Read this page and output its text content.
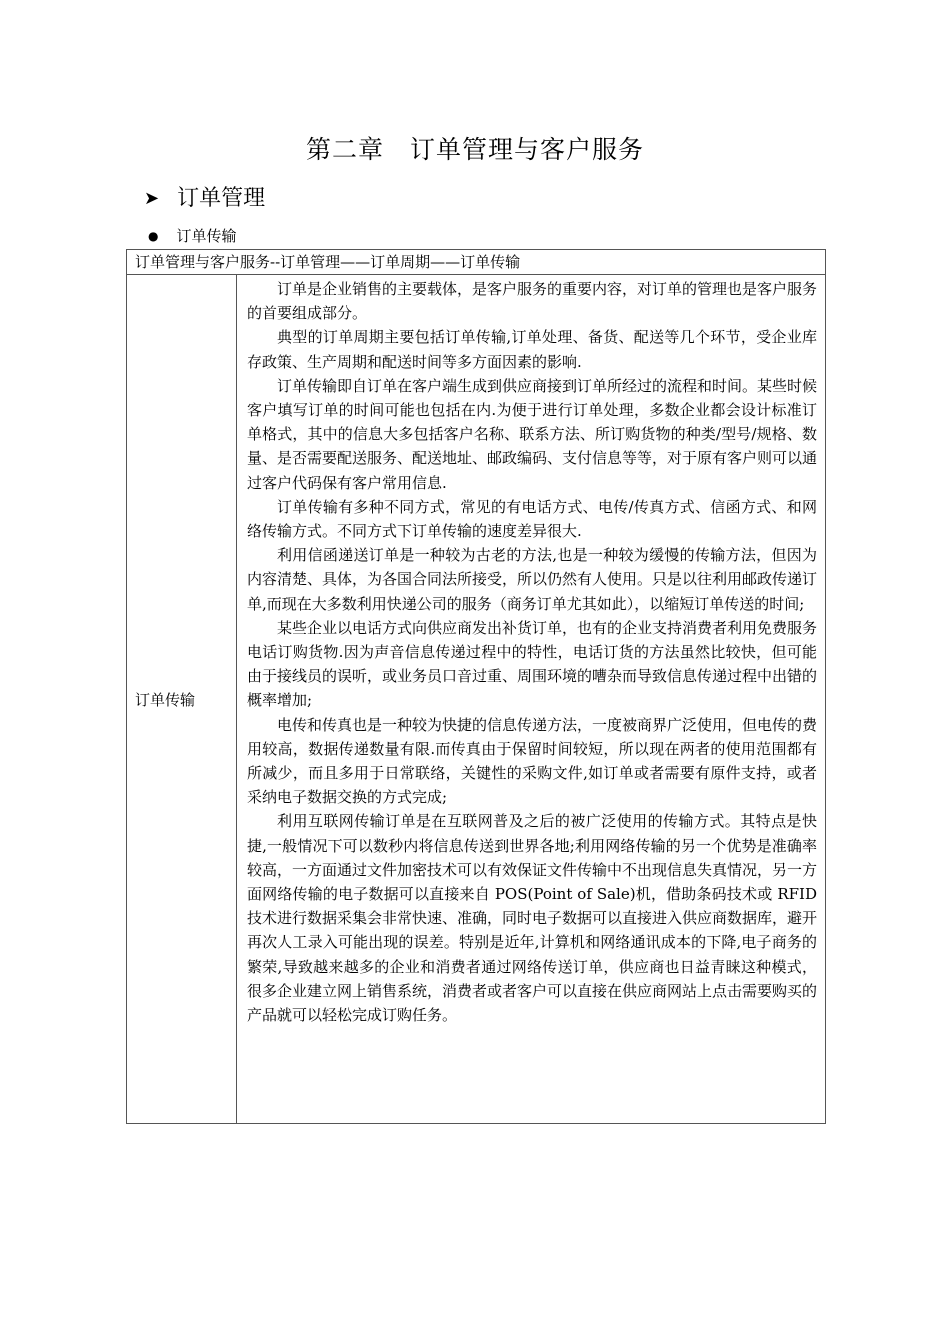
第二章　订单管理与客户服务
➤ 订单管理
● 订单传输
订单管理与客户服务--订单管理——订单周期——订单传输
订单传输	

订单是企业销售的主要载体，是客户服务的重要内容，对订单的管理也是客户服务的首要组成部分。

典型的订单周期主要包括订单传输,订单处理、备货、配送等几个环节，受企业库存政策、生产周期和配送时间等多方面因素的影响.

订单传输即自订单在客户端生成到供应商接到订单所经过的流程和时间。某些时候客户填写订单的时间可能也包括在内.为便于进行订单处理，多数企业都会设计标准订单格式，其中的信息大多包括客户名称、联系方法、所订购货物的种类/型号/规格、数量、是否需要配送服务、配送地址、邮政编码、支付信息等等，对于原有客户则可以通过客户代码保有客户常用信息.

订单传输有多种不同方式，常见的有电话方式、电传/传真方式、信函方式、和网络传输方式。不同方式下订单传输的速度差异很大.

利用信函递送订单是一种较为古老的方法,也是一种较为缓慢的传输方法，但因为内容清楚、具体，为各国合同法所接受，所以仍然有人使用。只是以往利用邮政传递订单,而现在大多数利用快递公司的服务（商务订单尤其如此），以缩短订单传送的时间;

某些企业以电话方式向供应商发出补货订单，也有的企业支持消费者利用免费服务电话订购货物.因为声音信息传递过程中的特性，电话订货的方法虽然比较快，但可能由于接线员的误听，或业务员口音过重、周围环境的嘈杂而导致信息传递过程中出错的概率增加;

电传和传真也是一种较为快捷的信息传递方法，一度被商界广泛使用，但电传的费用较高，数据传递数量有限.而传真由于保留时间较短，所以现在两者的使用范围都有所减少，而且多用于日常联络，关键性的采购文件,如订单或者需要有原件支持，或者采纳电子数据交换的方式完成;

利用互联网传输订单是在互联网普及之后的被广泛使用的传输方式。其特点是快捷,一般情况下可以数秒内将信息传送到世界各地;利用网络传输的另一个优势是准确率较高，一方面通过文件加密技术可以有效保证文件传输中不出现信息失真情况，另一方面网络传输的电子数据可以直接来自 POS(Point of Sale)机，借助条码技术或 RFID 技术进行数据采集会非常快速、准确，同时电子数据可以直接进入供应商数据库，避开再次人工录入可能出现的误差。特别是近年,计算机和网络通讯成本的下降,电子商务的繁荣,导致越来越多的企业和消费者通过网络传送订单，供应商也日益青睐这种模式，很多企业建立网上销售系统，消费者或者客户可以直接在供应商网站上点击需要购买的产品就可以轻松完成订购任务。
